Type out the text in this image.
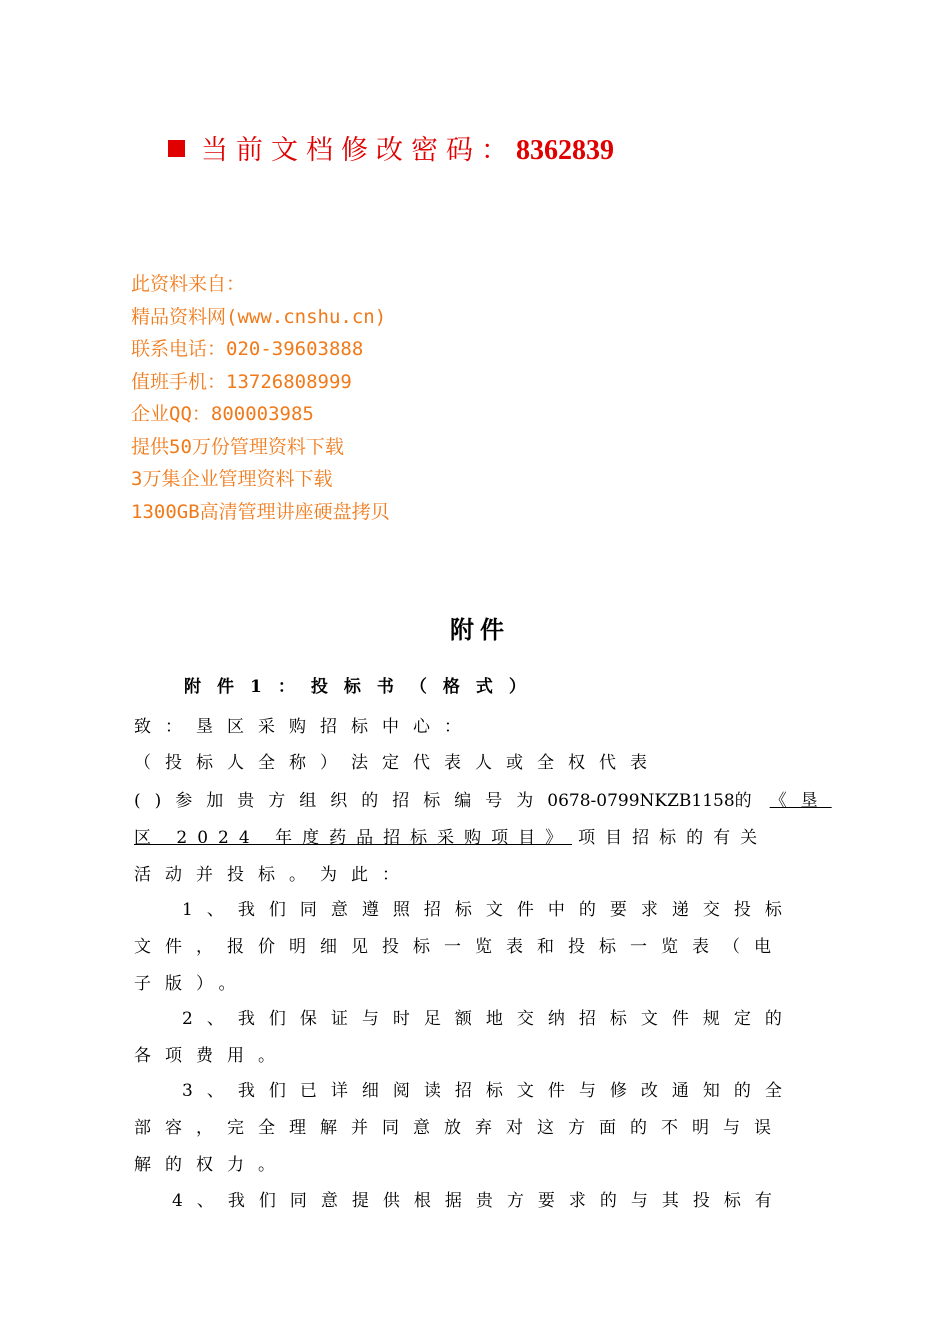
当前文档修改密码：8362839
此资料来自：
精品资料网(www.cnshu.cn)
联系电话：020-39603888
值班手机：13726808999
企业QQ：800003985
提供50万份管理资料下载
3万集企业管理资料下载
1300GB高清管理讲座硬盘拷贝
附件
附件1：投标书（格式）
致：垦区采购招标中心：
（投标人全称）法定代表人或全权代表
()参加贵方组织的招标编号为0678-0799NKZB1158的 《垦
区 2024 年度药品招标采购项目》 项目招标的有关
活动并投标。为此：
1、我们同意遵照招标文件中的要求递交投标
文件，报价明细见投标一览表和投标一览表（电
子版）。
2、我们保证与时足额地交纳招标文件规定的
各项费用。
3、我们已详细阅读招标文件与修改通知的全
部容，完全理解并同意放弃对这方面的不明与误
解的权力。
4、我们同意提供根据贵方要求的与其投标有
